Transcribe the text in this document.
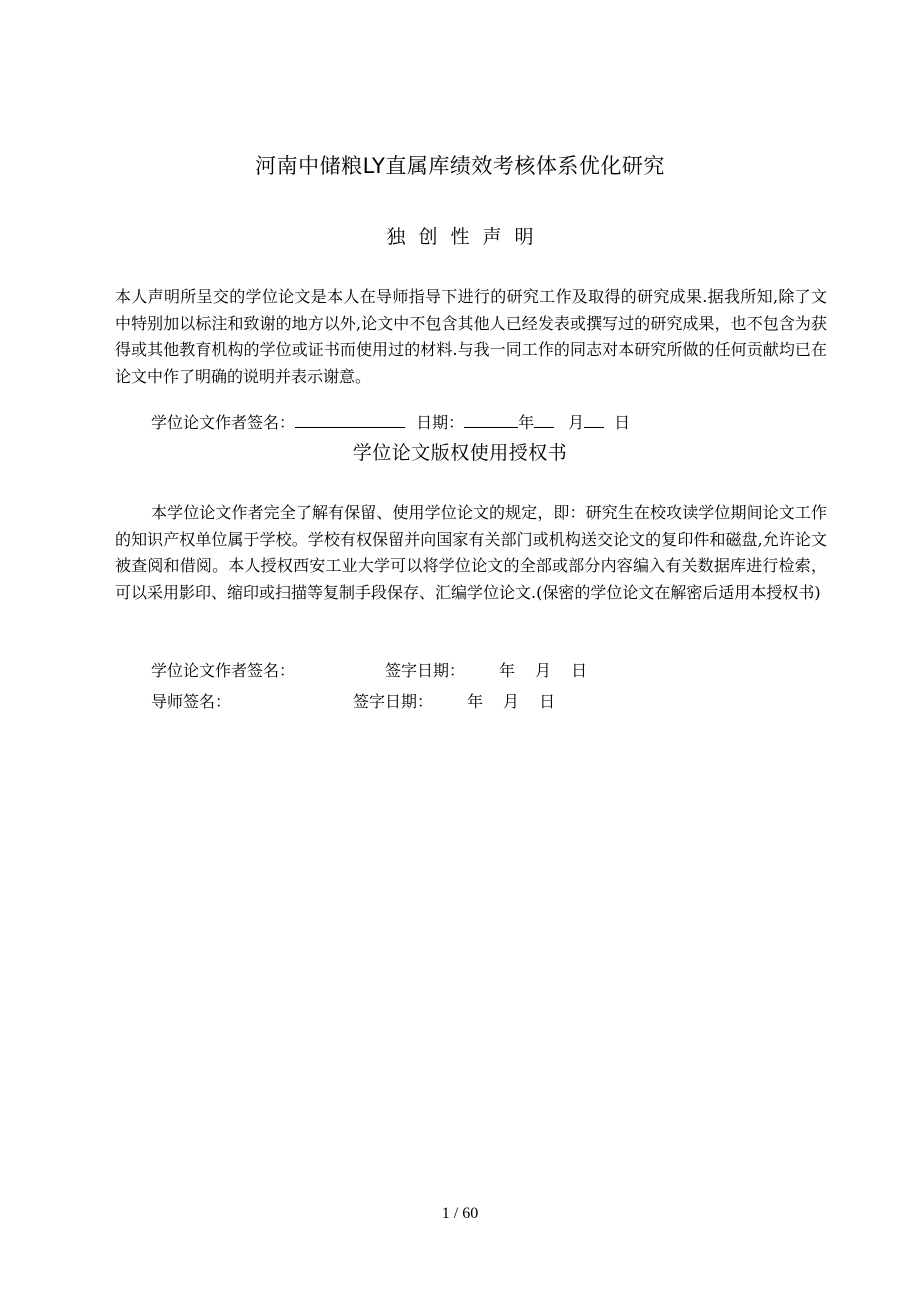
河南中储粮LY直属库绩效考核体系优化研究
独创性声明
本人声明所呈交的学位论文是本人在导师指导下进行的研究工作及取得的研究成果.据我所知,除了文中特别加以标注和致谢的地方以外,论文中不包含其他人已经发表或撰写过的研究成果，也不包含为获得或其他教育机构的学位或证书而使用过的材料.与我一同工作的同志对本研究所做的任何贡献均已在论文中作了明确的说明并表示谢意。
学位论文作者签名：	日期：	年 月 日
学位论文版权使用授权书
本学位论文作者完全了解有保留、使用学位论文的规定，即：研究生在校攻读学位期间论文工作的知识产权单位属于学校。学校有权保留并向国家有关部门或机构送交论文的复印件和磁盘,允许论文被查阅和借阅。本人授权西安工业大学可以将学位论文的全部或部分内容编入有关数据库进行检索，可以采用影印、缩印或扫描等复制手段保存、汇编学位论文.(保密的学位论文在解密后适用本授权书)
学位论文作者签名：	签字日期： 年 月 日
导师签名：	签字日期： 年 月 日
1 / 60
